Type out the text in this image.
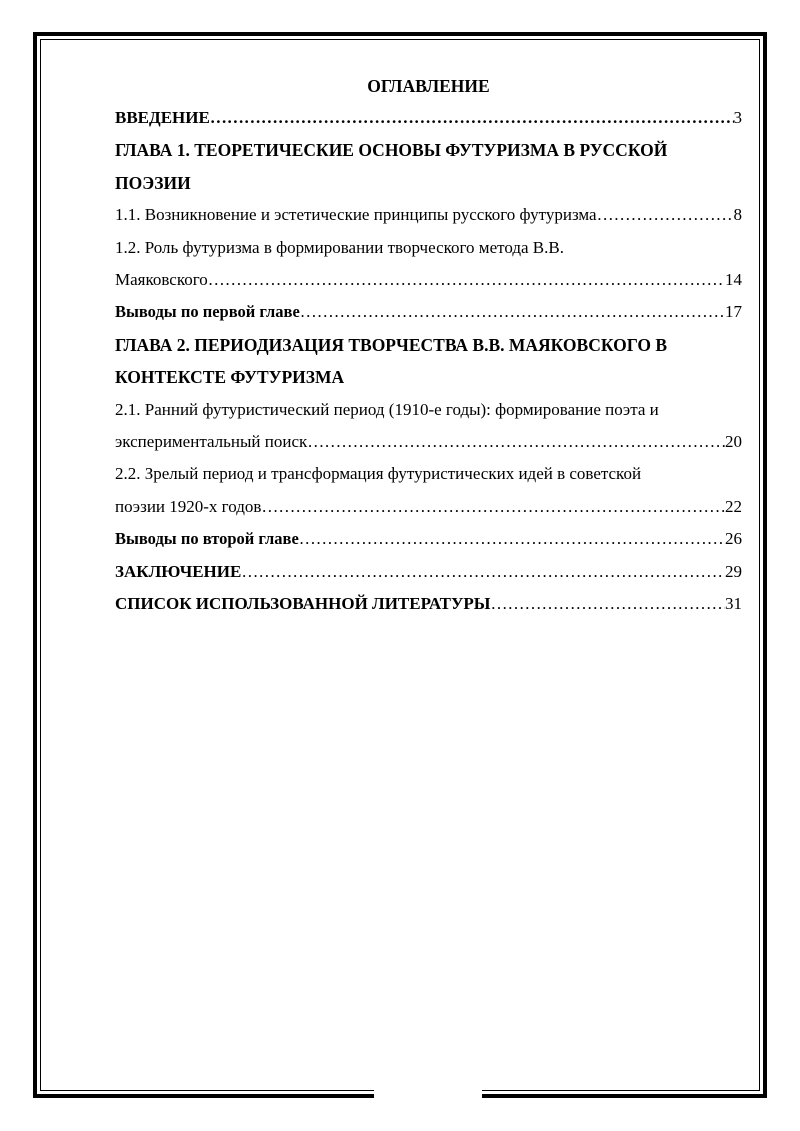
ОГЛАВЛЕНИЕ

ВВЕДЕНИЕ ……………………………………………………………………………………………………………………………………………………………………	3
ГЛАВА 1. ТЕОРЕТИЧЕСКИЕ ОСНОВЫ ФУТУРИЗМА В РУССКОЙ
ПОЭЗИИ
1.1. Возникновение и эстетические принципы русского футуризма ……………………………………………………………………………………………………………………………………………………………………	8
1.2. Роль футуризма в формировании творческого метода В.В.
Маяковского ……………………………………………………………………………………………………………………………………………………………………	14
Выводы по первой главе ……………………………………………………………………………………………………………………………………………………………………	17
ГЛАВА 2. ПЕРИОДИЗАЦИЯ ТВОРЧЕСТВА В.В. МАЯКОВСКОГО В
КОНТЕКСТЕ ФУТУРИЗМА
2.1. Ранний футуристический период (1910-е годы): формирование поэта и
экспериментальный поиск ……………………………………………………………………………………………………………………………………………………………………	20
2.2. Зрелый период и трансформация футуристических идей в советской
поэзии 1920-х годов ……………………………………………………………………………………………………………………………………………………………………	22
Выводы по второй главе ……………………………………………………………………………………………………………………………………………………………………	26
ЗАКЛЮЧЕНИЕ ……………………………………………………………………………………………………………………………………………………………………	29
СПИСОК ИСПОЛЬЗОВАННОЙ ЛИТЕРАТУРЫ ……………………………………………………………………………………………………………………………………………………………………	31
